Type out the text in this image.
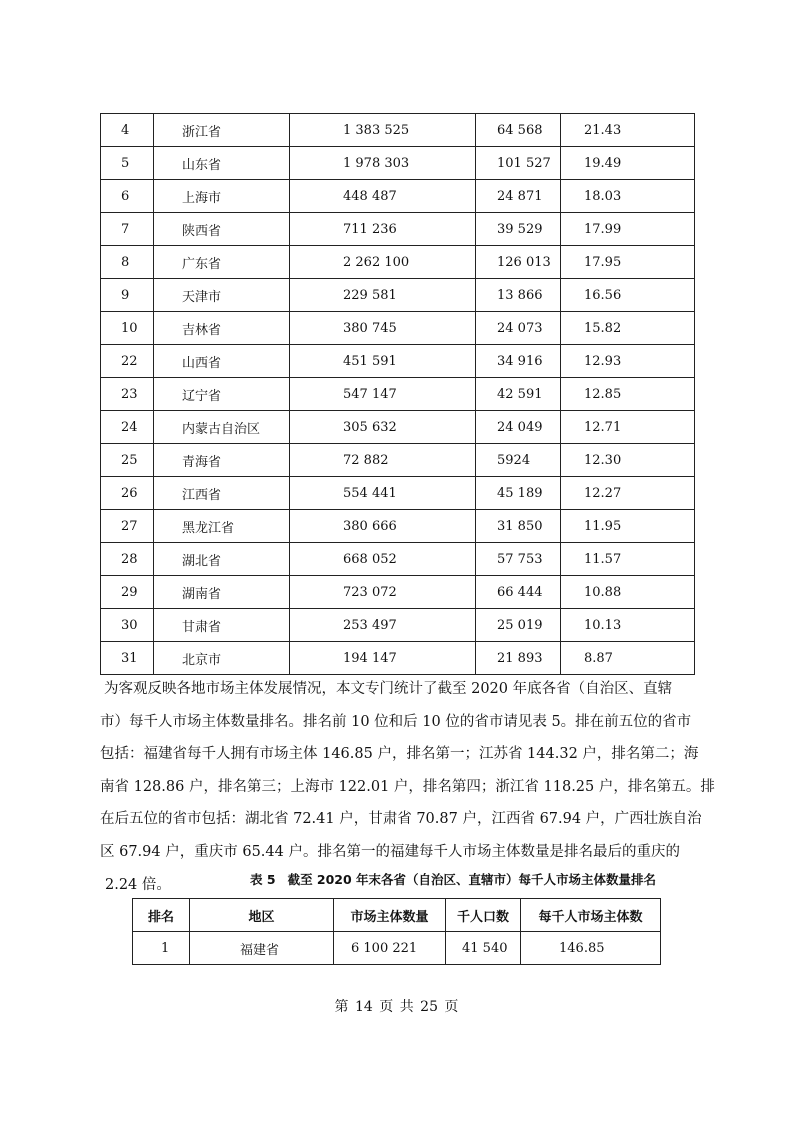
4	浙江省	1 383 525	64 568	21.43
5	山东省	1 978 303	101 527	19.49
6	上海市	448 487	24 871	18.03
7	陕西省	711 236	39 529	17.99
8	广东省	2 262 100	126 013	17.95
9	天津市	229 581	13 866	16.56
10	吉林省	380 745	24 073	15.82
22	山西省	451 591	34 916	12.93
23	辽宁省	547 147	42 591	12.85
24	内蒙古自治区	305 632	24 049	12.71
25	青海省	72 882	5924	12.30
26	江西省	554 441	45 189	12.27
27	黑龙江省	380 666	31 850	11.95
28	湖北省	668 052	57 753	11.57
29	湖南省	723 072	66 444	10.88
30	甘肃省	253 497	25 019	10.13
31	北京市	194 147	21 893	8.87
为客观反映各地市场主体发展情况，本文专门统计了截至 2020 年底各省（自治区、直辖
市）每千人市场主体数量排名。排名前 10 位和后 10 位的省市请见表 5。排在前五位的省市
包括：福建省每千人拥有市场主体 146.85 户，排名第一；江苏省 144.32 户，排名第二；海
南省 128.86 户，排名第三；上海市 122.01 户，排名第四；浙江省 118.25 户，排名第五。排
在后五位的省市包括：湖北省 72.41 户，甘肃省 70.87 户，江西省 67.94 户，广西壮族自治
区 67.94 户，重庆市 65.44 户。排名第一的福建每千人市场主体数量是排名最后的重庆的
2.24 倍。	表 5 截至 2020 年末各省（自治区、直辖市）每千人市场主体数量排名
排名	地区	市场主体数量	千人口数	每千人市场主体数
1	福建省	6 100 221	41 540	146.85
第 14 页 共 25 页
